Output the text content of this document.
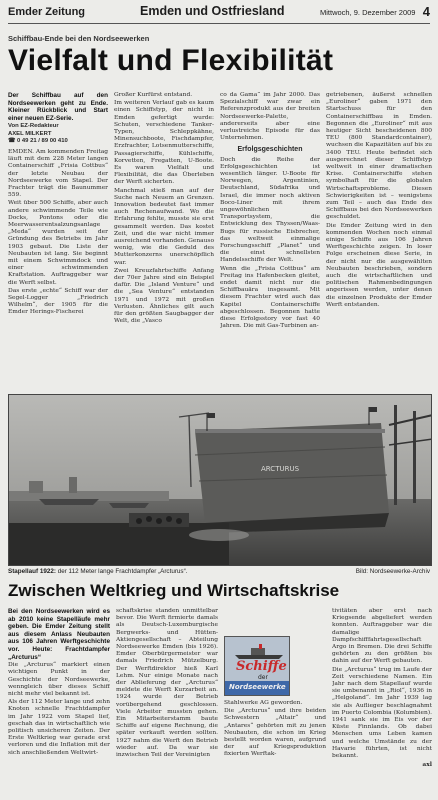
Emder Zeitung	Emden und Ostfriesland	Mittwoch, 9. Dezember 2009 4
Schiffbau-Ende bei den Nordseewerken
Vielfalt und Flexibilität

Der Schiffbau auf den Nordseewerken geht zu Ende. Kleiner Rückblick und Start einer neuen EZ-Serie.

Von EZ-Redakteur
AXEL MILKERT
☎ 0 49 21 / 89 00 410

EMDEN. Am kommenden Freitag läuft mit dem 228 Meter langen Containerschiff „Frisia Cottbus“ der letzte Neubau der Nordseewerke vom Stapel. Der Frachter trägt die Baunummer 559.

Weit über 500 Schiffe, aber auch andere schwimmende Teile wie Docks, Pontons oder die Meerwasserentsalzungsanlage „Meda“ wurden seit der Gründung des Betriebs im Jahr 1903 gebaut. Die Liste der Neubauten ist lang. Sie beginnt mit einem Schwimmdock und einer schwimmenden Kraftstation. Auftraggeber war die Werft selbst.

Das erste „echte“ Schiff war der Segel-Logger „Friedrich Wilhelm“, der 1905 für die Emder Herings-Fischerei

Großer Kurfürst entstand.

Im weiteren Verlauf gab es kaum einen Schiffstyp, der nicht in Emden gefertigt wurde: Schuten, verschiedene Tanker-Typen, Schleppkähne, Minensuchboote, Fischdampfer, Erzfrachter, Lotsenmutterschiffe, Passagierschiffe, Kühlschiffe, Korvetten, Fregatten, U-Boote. Es waren Vielfalt und Flexibilität, die das Überleben der Werft sicherten.

Manchmal stieß man auf der Suche nach Neuem an Grenzen. Innovation bedeutet fast immer auch Rechenaufwand. Wo die Erfahrung fehlte, musste sie erst gesammelt werden. Das kostet Zeit, und die war nicht immer ausreichend vorhanden. Genauso wenig, wie die Geduld des Mutterkonzerns unerschöpflich war.

Zwei Kreuzfahrtschiffe Anfang der 70er Jahre sind ein Beispiel dafür. Die „Island Venture“ und die „Sea Venture“ entstanden 1971 und 1972 mit großen Verlusten. Ähnliches gilt auch für den größten Saugbagger der Welt, die „Vasco

co da Gama“ im Jahr 2000. Das Spezialschiff war zwar ein Referenzprodukt aus der breiten Nordseewerke-Palette, andererseits aber eine verlustreiche Episode für das Unternehmen.

Erfolgsgeschichten

Doch die Reihe der Erfolgsgeschichten ist wesentlich länger. U-Boote für Norwegen, Argentinien, Deutschland, Südafrika und Israel, die immer noch aktiven Boco-Liner mit ihrem ungewöhnlichen Transportsystem, die Entwicklung des Thyssen/Waas-Bugs für russische Eisbrecher, das weltweit einmalige Forschungsschiff „Planet“ und die einst schnellsten Handelsschiffe der Welt.

Wenn die „Frisia Cottbus“ am Freitag ins Hafenbecken gleitet, endet damit nicht nur die Schiffbauära insgesamt. Mit diesem Frachter wird auch das Kapitel Containerschiffe abgeschlossen. Begonnen hatte diese Erfolgsstory vor fast 40 Jahren. Die mit Gas-Turbinen an-

getriebenen, äußerst schnellen „Euroliner“ gaben 1971 den Startschuss für den Containerschiffbau in Emden. Begonnen die „Euroliner“ mit aus heutiger Sicht bescheidenen 800 TEU (800 Standardcontainer), wuchsen die Kapazitäten auf bis zu 3400 TEU. Heute befindet sich ausgerechnet dieser Schiffstyp weltweit in einer dramatischen Krise. Containerschiffe stehen symbolhaft für die globalen Wirtschaftsprobleme. Diesen Schwierigkeiten ist – wenigstens zum Teil – auch das Ende des Schiffbaus bei den Nordseewerken geschuldet.

Die Emder Zeitung wird in den kommenden Wochen noch einmal einige Schiffe aus 106 Jahren Werftgeschichte zeigen. In loser Folge erscheinen diese Serie, in der nicht nur die ausgewählten Neubauten beschrieben, sondern auch die wirtschaftlichen und politischen Rahmenbedingungen angerissen werden, unter denen die einzelnen Produkte der Emder Werft entstanden.

ARCTURUS
Stapellauf 1922: der 112 Meter lange Frachtdampfer „Arcturus“.	Bild: Nordseewerke-Archiv
Zwischen Weltkrieg und Wirtschaftskrise

Bei den Nordseewerken wird es ab 2010 keine Stapelläufe mehr geben. Die Emder Zeitung stellt aus diesem Anlass Neubauten aus 106 Jahren Werftgeschichte vor. Heute: Frachtdampfer „Arcturus“

Die „Arcturus“ markiert einen wichtigen Punkt in der Geschichte der Nordseewerke, wenngleich über dieses Schiff nicht mehr viel bekannt ist.

Als der 112 Meter lange und zehn Knoten schnelle Frachtdampfer im Jahr 1922 vom Stapel lief, geschah das in wirtschaftlich wie politisch unsicheren Zeiten. Der Erste Weltkrieg war gerade erst verloren und die Inflation mit der sich anschließenden Weltwirt-

schaftskrise standen unmittelbar bevor. Die Werft firmierte damals als Deutsch-Luxemburgische Bergwerks- und Hütten-Aktiengesellschaft – Abteilung Nordseewerke Emden (bis 1926). Emder Oberbürgermeister war damals Friedrich Mützelburg. Der Werftdirektor hieß Karl Lehm. Nur einige Monate nach der Ablieferung der „Arcturus“ meldete die Werft Kurzarbeit an. 1924 wurde der Betrieb vorübergehend geschlossen. Viele Arbeiter mussten gehen. Ein Mitarbeiterstamm baute Schiffe auf eigene Rechnung, die später verkauft werden sollten. 1927 nahm die Werft den Betrieb wieder auf. Da war sie inzwischen Teil der Vereinigten

Schiffe
der
Nordseewerke

Stahlwerke AG geworden.

Die „Arcturus“ und ihre beiden Schwestern „Altair“ und „Antares“ gehörten mit zu jenen Neubauten, die schon im Krieg bestellt worden waren, aufgrund der auf Kriegsproduktion fixierten Werftak-

tivitäten aber erst nach Kriegsende abgeliefert werden konnten. Auftraggeber war die damalige Dampfschifffahrtsgesellschaft Argo in Bremen. Die drei Schiffe gehörten zu den größten bis dahin auf der Werft gebauten.

Die „Arcturus“ trug im Laufe der Zeit verschiedene Namen. Ein Jahr nach dem Stapellauf wurde sie umbenannt in „Riol“, 1936 in „Helgoland“. Im Jahr 1939 lag sie als Auflieger beschlagnahmt im Puerto Colombia (Kolumbien). 1941 sank sie im Eis vor der Küste Finnlands. Ob dabei Menschen ums Leben kamen und welche Umstände zu der Havarie führten, ist nicht bekannt.

axl
